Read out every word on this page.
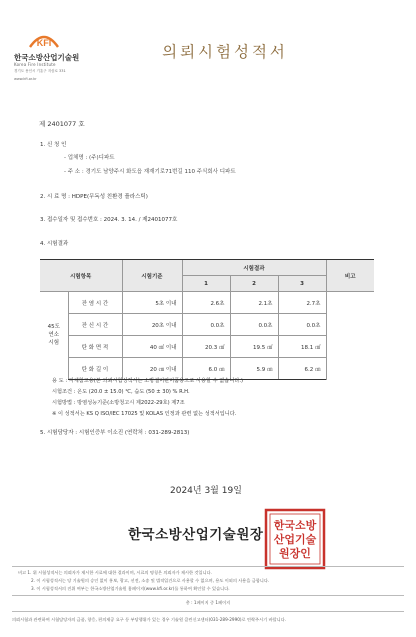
KFI
한국소방산업기술원
Korea Fire Institute
경기도 용인시 기흥구 지삼로 331
www.kfi.or.kr
의뢰시험성적서
제 2401077 호
1. 신 청 인
- 업체명 : (주)디파트
- 주 소 : 경기도 남양주시 화도읍 재재기로71번길 110 주식회사 디파트
2. 시 료 명 : HDPE(무독성 친환경 플라스틱)
3. 접수일자 및 접수번호 : 2024. 3. 14. / 제2401077호
4. 시험결과
시험항목		시험기준	시험결과			비고
			1	2	3	

45도
연소
시험	잔 염 시 간	5초 이내	2.6초	2.1초	2.7초	
	잔 신 시 간	20초 이내	0.0초	0.0초	0.0초	
	탄 화 면 적	40 ㎠ 이내	20.3 ㎠	19.5 ㎠	18.1 ㎠	
	탄 화 길 이	20 ㎝ 이내	6.0 ㎝	5.9 ㎝	6.2 ㎝	
용 도 : 자체참고용(본 의뢰시험성적서는 소방설비판비품용으로 사용할 수 없습니다.)
시험조건 : 온도 (20.0 ± 15.0) ℃, 습도 (50 ± 30) % R.H.
시험방법 : 방염성능기준(소방청고시 제2022-29호) 제7조
※ 이 성적서는 KS Q ISO/IEC 17025 및 KOLAS 인정과 관련 없는 성적서입니다.
5. 시험담당자 : 시험인증부 이소진 (연락처 : 031-289-2813)
2024년 3월 19일
한국소방산업기술원장
한국소방
산업기술
원장인
비고 1. 위 시험성적서는 의뢰자가 제시한 시료에 대한 결과이며, 시료의 명칭은 의뢰자가 제시한 것입니다.
2. 이 시험성적서는 당 기술원의 승인 없이 홍보, 광고, 선전, 소송 및 법적입건으로 사용할 수 없으며, 용도 이외의 사용을 금합니다.
3. 이 시험성적서의 진위 여부는 한국소방산업기술원 홈페이지(www.kfi.or.kr)를 통하여 확인할 수 있습니다.
총 : 1페이지 중 1페이지
의뢰시험과 관련하여 시험담당자의 금품, 향응, 편의제공 요구 등 부당행위가 있는 경우 기술원 클린신고센터(031-289-2990)로 연락주시기 바랍니다.
